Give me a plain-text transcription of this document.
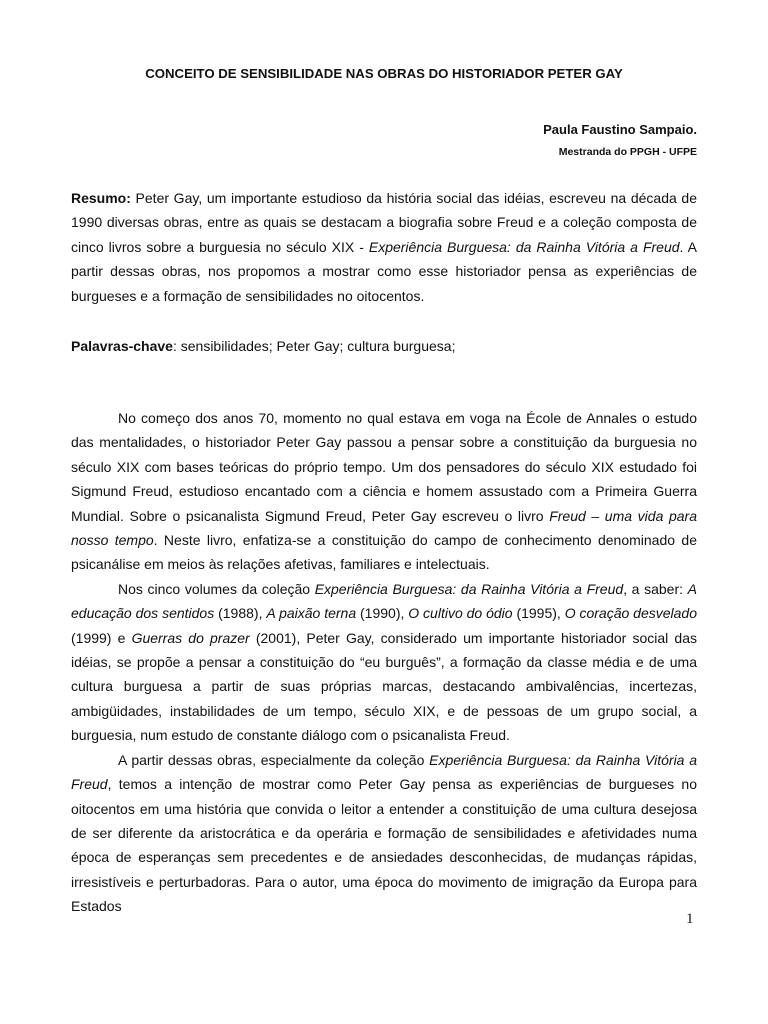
CONCEITO DE SENSIBILIDADE NAS OBRAS DO HISTORIADOR PETER GAY

Paula Faustino Sampaio.

Mestranda do PPGH - UFPE

Resumo: Peter Gay, um importante estudioso da história social das idéias, escreveu na década de 1990 diversas obras, entre as quais se destacam a biografia sobre Freud e a coleção composta de cinco livros sobre a burguesia no século XIX - Experiência Burguesa: da Rainha Vitória a Freud. A partir dessas obras, nos propomos a mostrar como esse historiador pensa as experiências de burgueses e a formação de sensibilidades no oitocentos.

Palavras-chave: sensibilidades; Peter Gay; cultura burguesa;

No começo dos anos 70, momento no qual estava em voga na École de Annales o estudo das mentalidades, o historiador Peter Gay passou a pensar sobre a constituição da burguesia no século XIX com bases teóricas do próprio tempo. Um dos pensadores do século XIX estudado foi Sigmund Freud, estudioso encantado com a ciência e homem assustado com a Primeira Guerra Mundial. Sobre o psicanalista Sigmund Freud, Peter Gay escreveu o livro Freud – uma vida para nosso tempo. Neste livro, enfatiza-se a constituição do campo de conhecimento denominado de psicanálise em meios às relações afetivas, familiares e intelectuais.

Nos cinco volumes da coleção Experiência Burguesa: da Rainha Vitória a Freud, a saber: A educação dos sentidos (1988), A paixão terna (1990), O cultivo do ódio (1995), O coração desvelado (1999) e Guerras do prazer (2001), Peter Gay, considerado um importante historiador social das idéias, se propõe a pensar a constituição do “eu burguês”, a formação da classe média e de uma cultura burguesa a partir de suas próprias marcas, destacando ambivalências, incertezas, ambigüidades, instabilidades de um tempo, século XIX, e de pessoas de um grupo social, a burguesia, num estudo de constante diálogo com o psicanalista Freud.

A partir dessas obras, especialmente da coleção Experiência Burguesa: da Rainha Vitória a Freud, temos a intenção de mostrar como Peter Gay pensa as experiências de burgueses no oitocentos em uma história que convida o leitor a entender a constituição de uma cultura desejosa de ser diferente da aristocrática e da operária e formação de sensibilidades e afetividades numa época de esperanças sem precedentes e de ansiedades desconhecidas, de mudanças rápidas, irresistíveis e perturbadoras. Para o autor, uma época do movimento de imigração da Europa para Estados

1
